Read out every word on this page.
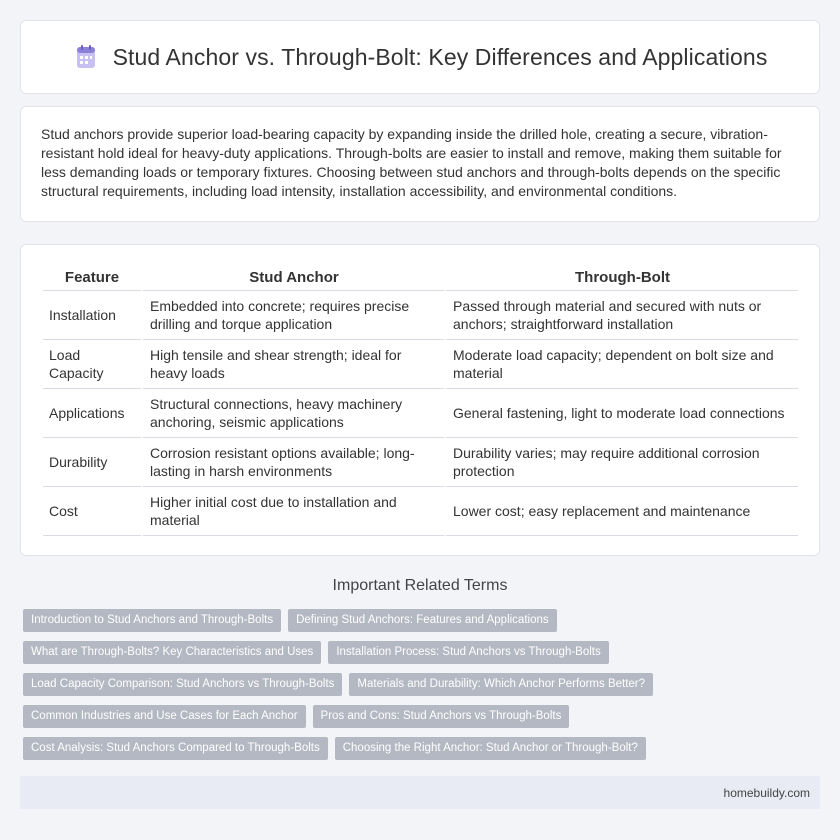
Stud Anchor vs. Through-Bolt: Key Differences and Applications

Stud anchors provide superior load-bearing capacity by expanding inside the drilled hole, creating a secure, vibration-resistant hold ideal for heavy-duty applications. Through-bolts are easier to install and remove, making them suitable for less demanding loads or temporary fixtures. Choosing between stud anchors and through-bolts depends on the specific structural requirements, including load intensity, installation accessibility, and environmental conditions.

Feature	Stud Anchor	Through-Bolt
Installation	Embedded into concrete; requires precise drilling and torque application	Passed through material and secured with nuts or anchors; straightforward installation
Load Capacity	High tensile and shear strength; ideal for heavy loads	Moderate load capacity; dependent on bolt size and material
Applications	Structural connections, heavy machinery anchoring, seismic applications	General fastening, light to moderate load connections
Durability	Corrosion resistant options available; long-lasting in harsh environments	Durability varies; may require additional corrosion protection
Cost	Higher initial cost due to installation and material	Lower cost; easy replacement and maintenance
Important Related Terms
Introduction to Stud Anchors and Through-Bolts	Defining Stud Anchors: Features and Applications
What are Through-Bolts? Key Characteristics and Uses	Installation Process: Stud Anchors vs Through-Bolts
Load Capacity Comparison: Stud Anchors vs Through-Bolts	Materials and Durability: Which Anchor Performs Better?
Common Industries and Use Cases for Each Anchor	Pros and Cons: Stud Anchors vs Through-Bolts
Cost Analysis: Stud Anchors Compared to Through-Bolts	Choosing the Right Anchor: Stud Anchor or Through-Bolt?
homebuildy.com
